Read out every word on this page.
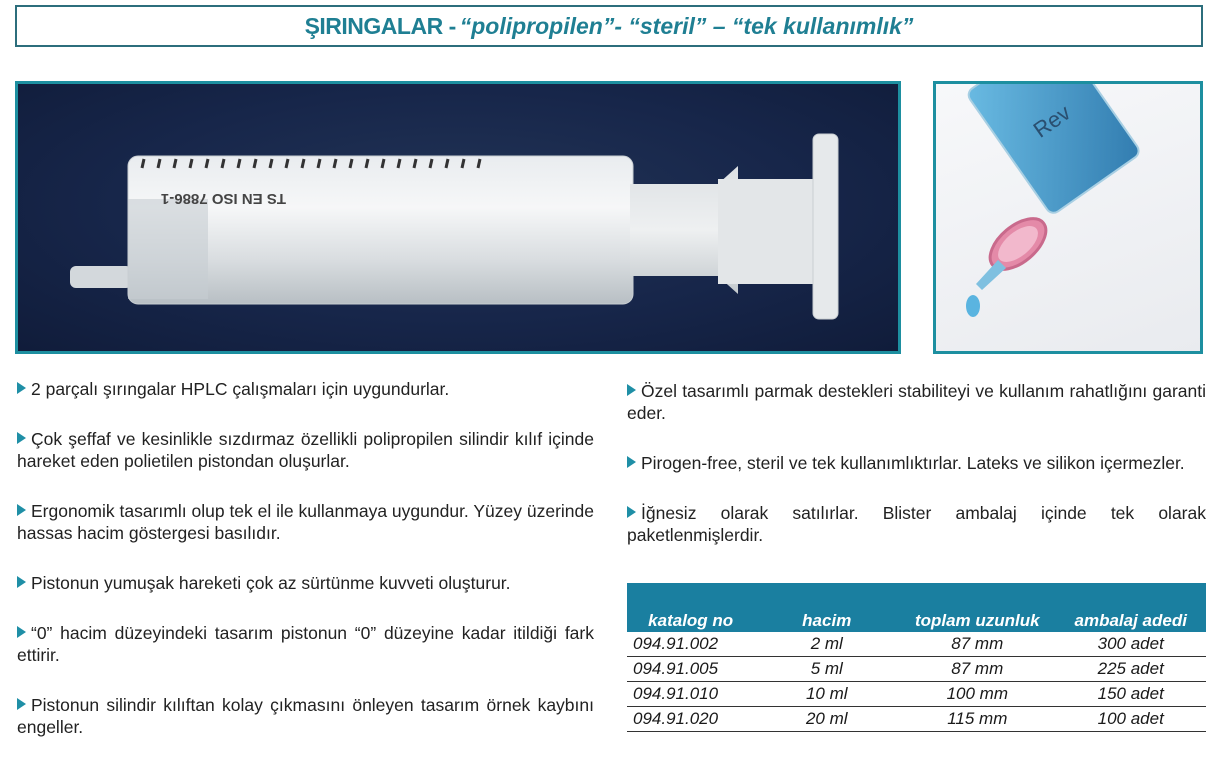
ŞIRINGALAR - “polipropilen”- “steril” – “tek kullanımlık”
TS EN ISO 7886-1
Rev

2 parçalı şırıngalar HPLC çalışmaları için uygundurlar.

Çok şeffaf ve kesinlikle sızdırmaz özellikli polipropilen silindir kılıf içinde hareket eden polietilen pistondan oluşurlar.

Ergonomik tasarımlı olup tek el ile kullanmaya uygundur. Yüzey üzerinde hassas hacim göstergesi basılıdır.

Pistonun yumuşak hareketi çok az sürtünme kuvveti oluşturur.

“0” hacim düzeyindeki tasarım pistonun “0” düzeyine kadar itildiği fark ettirir.

Pistonun silindir kılıftan kolay çıkmasını önleyen tasarım örnek kaybını engeller.

Özel tasarımlı parmak destekleri stabiliteyi ve kullanım rahatlığını garanti eder.

Pirogen-free, steril ve tek kullanımlıktırlar. Lateks ve silikon içermezler.

İğnesiz olarak satılırlar. Blister ambalaj içinde tek olarak paketlenmişlerdir.

katalog no	hacim	toplam uzunluk	ambalaj adedi
094.91.002	2 ml	87 mm	300 adet
094.91.005	5 ml	87 mm	225 adet
094.91.010	10 ml	100 mm	150 adet
094.91.020	20 ml	115 mm	100 adet
